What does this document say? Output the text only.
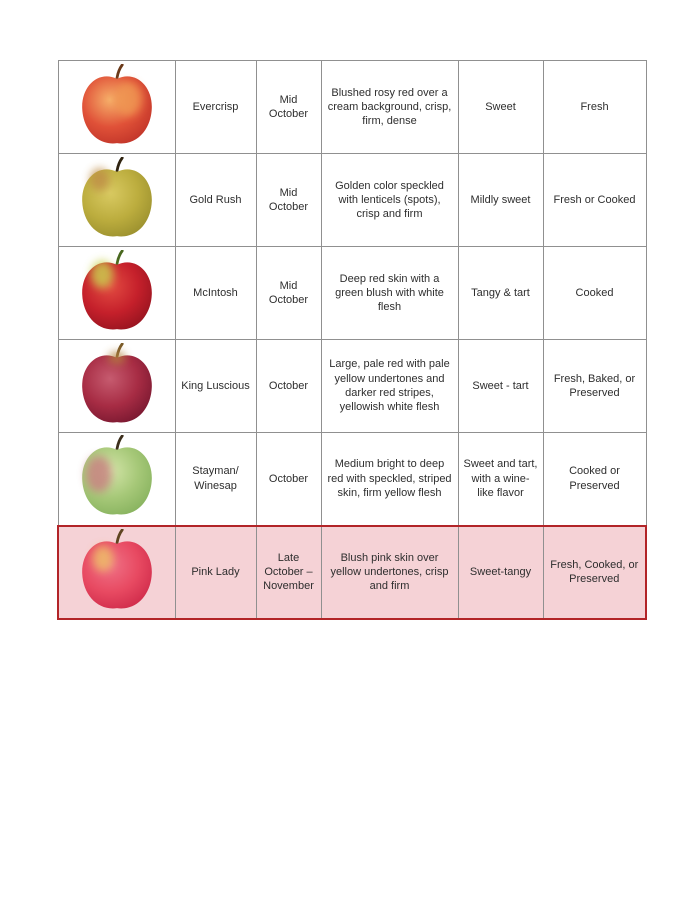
	Evercrisp	Mid October	Blushed rosy red over a cream background, crisp, firm, dense	Sweet	Fresh

	Gold Rush	Mid October	Golden color speckled with lenticels (spots), crisp and firm	Mildly sweet	Fresh or Cooked

	McIntosh	Mid October	Deep red skin with a green blush with white flesh	Tangy & tart	Cooked

	King Luscious	October	Large, pale red with pale yellow undertones and darker red stripes, yellowish white flesh	Sweet - tart	Fresh, Baked, or Preserved

	Stayman/ Winesap	October	Medium bright to deep red with speckled, striped skin, firm yellow flesh	Sweet and tart, with a wine-like flavor	Cooked or Preserved

	Pink Lady	Late October – November	Blush pink skin over yellow undertones, crisp and firm	Sweet-tangy	Fresh, Cooked, or Preserved
